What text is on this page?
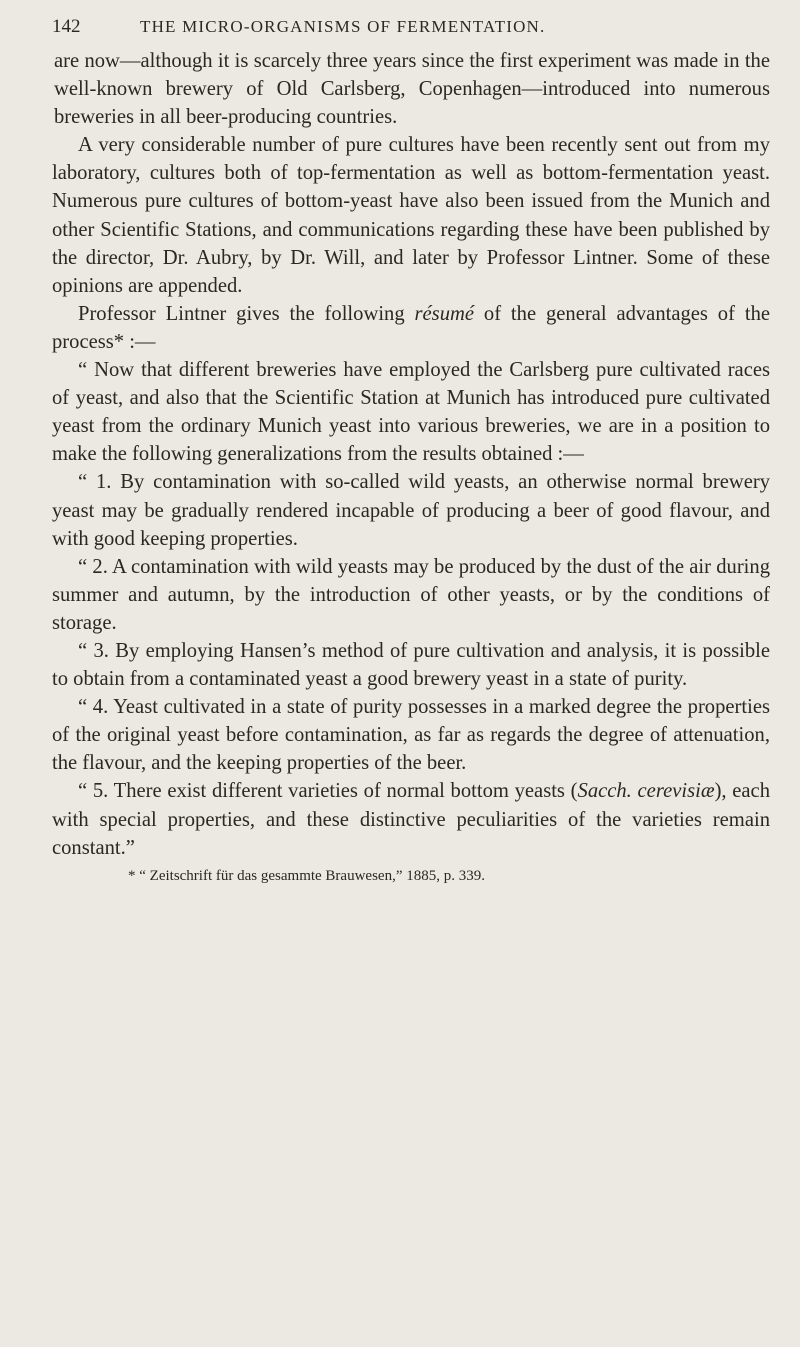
142	THE MICRO-ORGANISMS OF FERMENTATION.

are now—although it is scarcely three years since the first experiment was made in the well-known brewery of Old Carlsberg, Copenhagen—introduced into numerous breweries in all beer-producing countries.

A very considerable number of pure cultures have been recently sent out from my laboratory, cultures both of top-fermentation as well as bottom-fermentation yeast. Numerous pure cultures of bottom-yeast have also been issued from the Munich and other Scientific Stations, and communications regarding these have been published by the director, Dr. Aubry, by Dr. Will, and later by Professor Lintner. Some of these opinions are appended.

Professor Lintner gives the following résumé of the general advantages of the process* :—

“ Now that different breweries have employed the Carlsberg pure cultivated races of yeast, and also that the Scientific Station at Munich has introduced pure cultivated yeast from the ordinary Munich yeast into various breweries, we are in a position to make the following generalizations from the results obtained :—

“ 1. By contamination with so-called wild yeasts, an otherwise normal brewery yeast may be gradually rendered incapable of producing a beer of good flavour, and with good keeping properties.

“ 2. A contamination with wild yeasts may be produced by the dust of the air during summer and autumn, by the introduction of other yeasts, or by the conditions of storage.

“ 3. By employing Hansen’s method of pure cultivation and analysis, it is possible to obtain from a contaminated yeast a good brewery yeast in a state of purity.

“ 4. Yeast cultivated in a state of purity possesses in a marked degree the properties of the original yeast before contamination, as far as regards the degree of attenuation, the flavour, and the keeping properties of the beer.

“ 5. There exist different varieties of normal bottom yeasts (Sacch. cerevisiæ), each with special properties, and these distinctive peculiarities of the varieties remain constant.”

* “ Zeitschrift für das gesammte Brauwesen,” 1885, p. 339.
